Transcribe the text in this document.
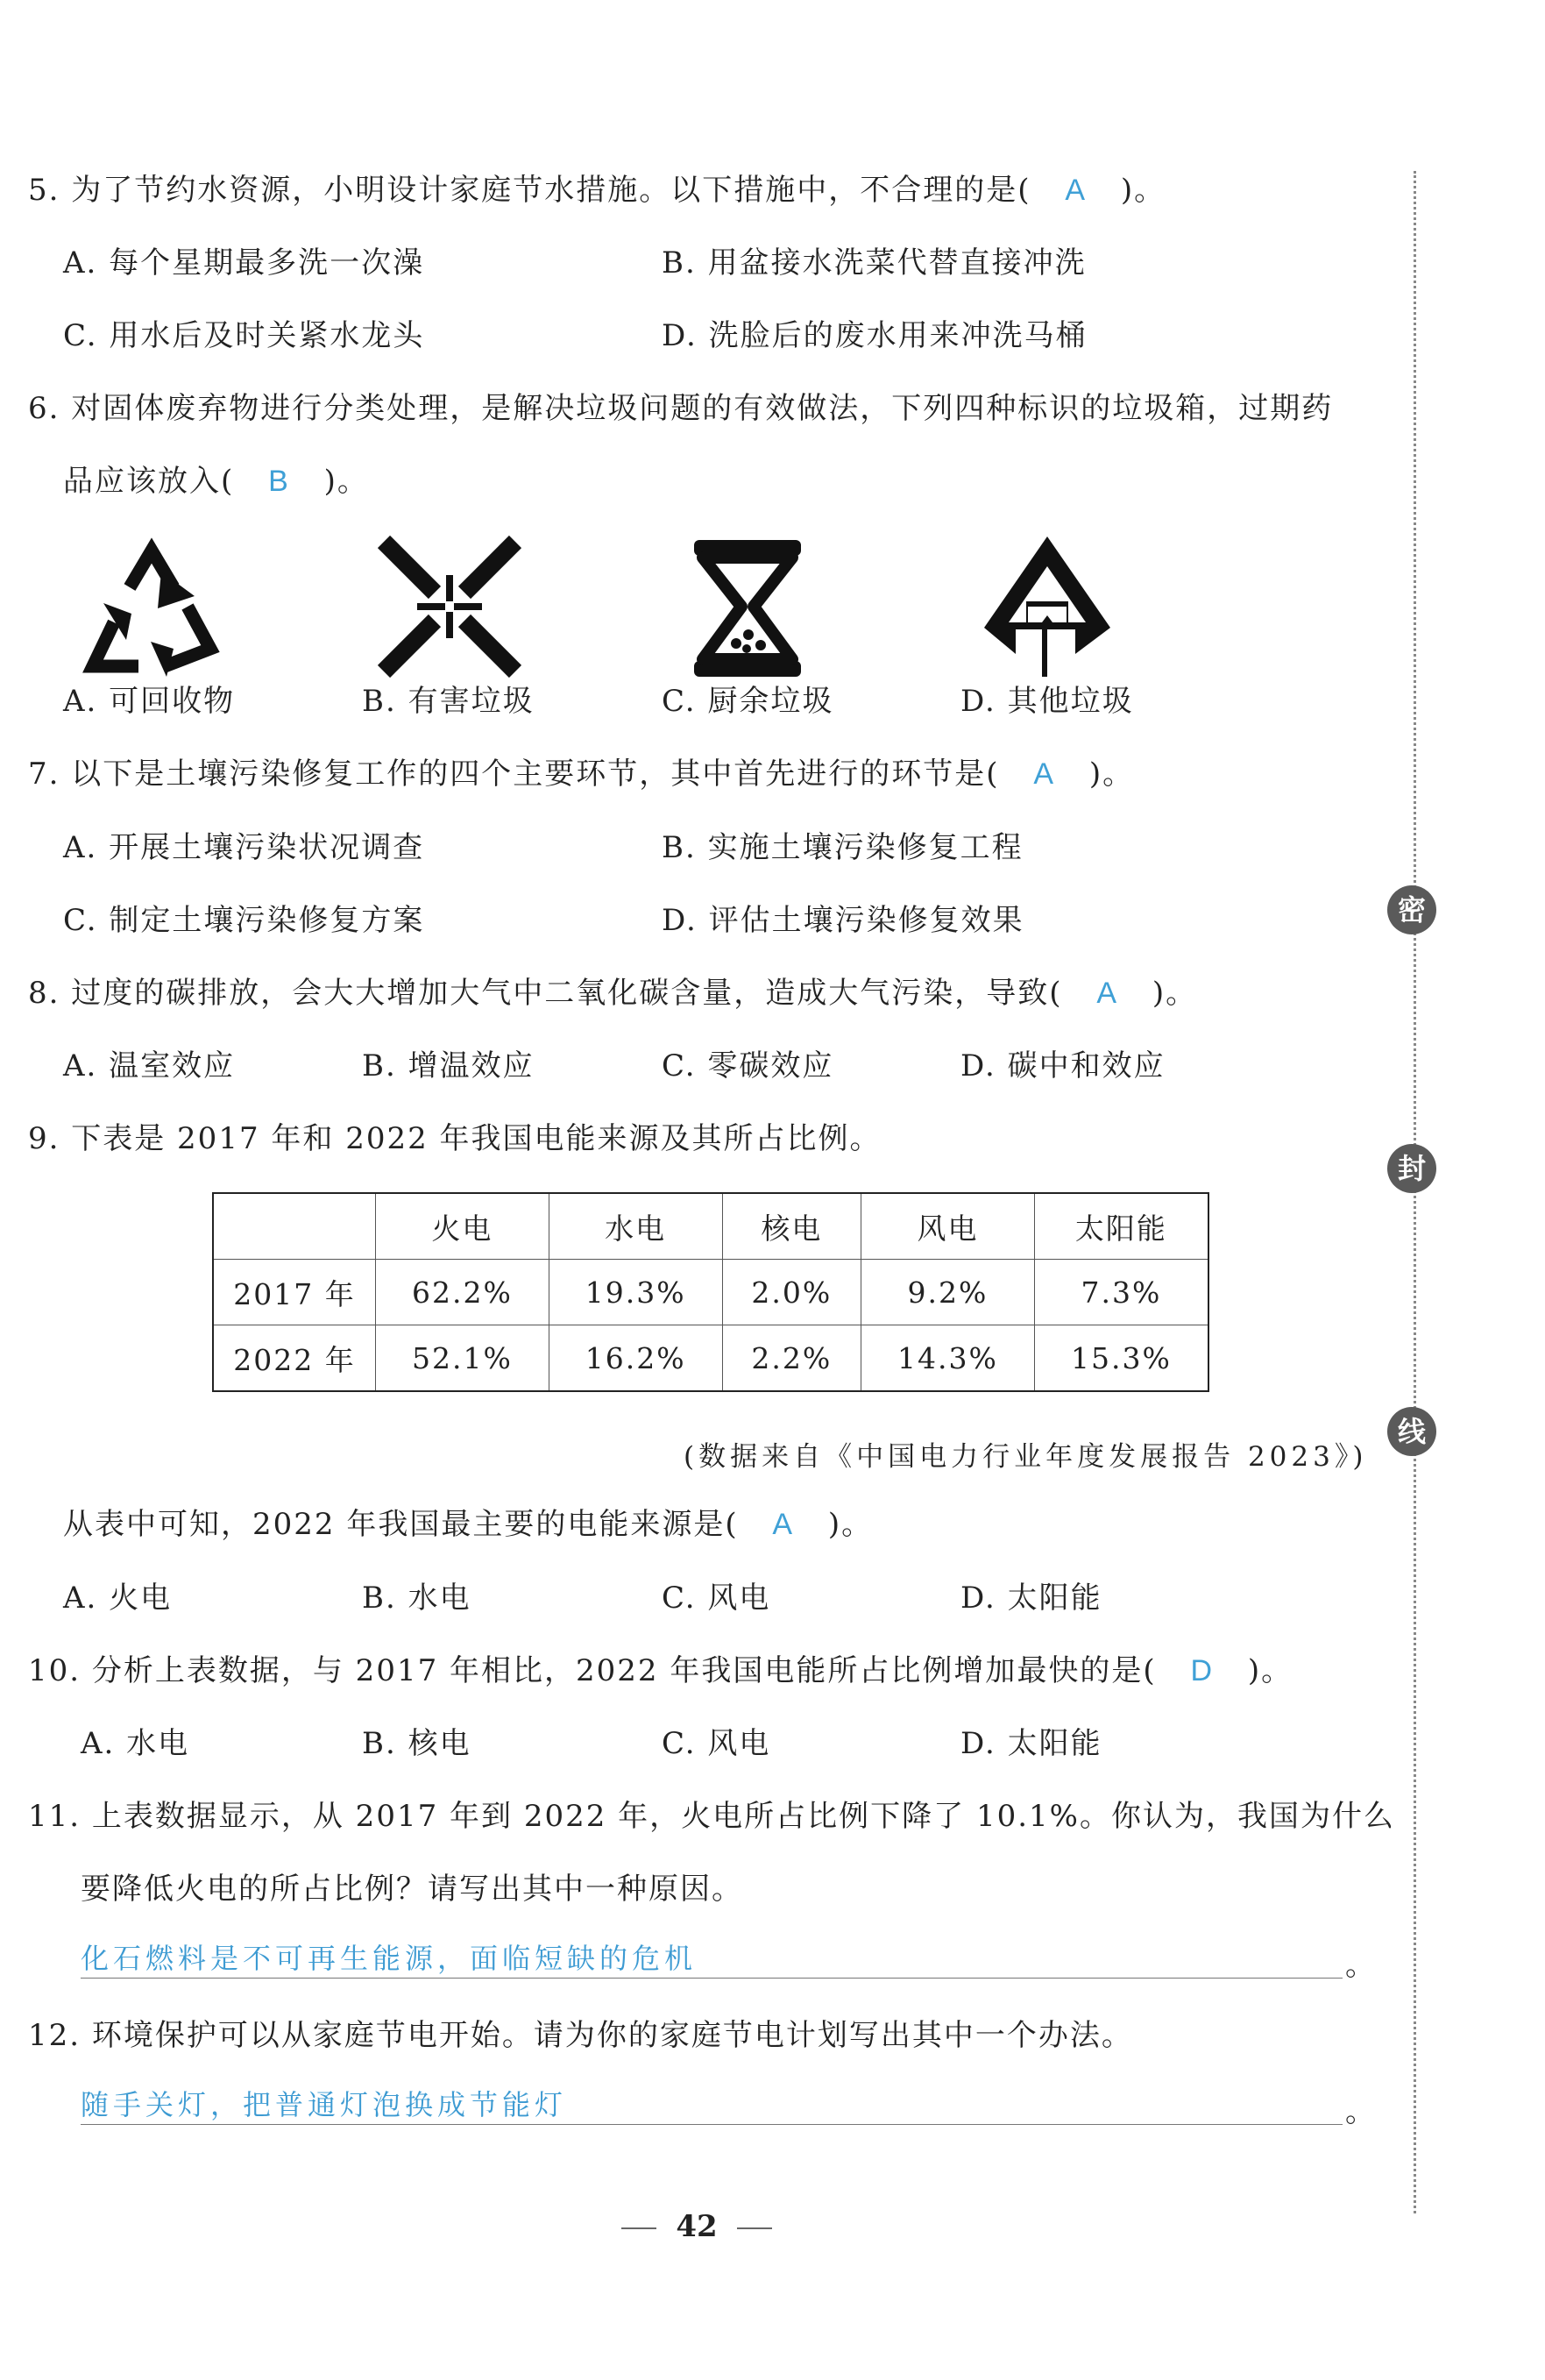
5. 为了节约水资源，小明设计家庭节水措施。以下措施中，不合理的是( A )。
A. 每个星期最多洗一次澡	B. 用盆接水洗菜代替直接冲洗
C. 用水后及时关紧水龙头	D. 洗脸后的废水用来冲洗马桶
6. 对固体废弃物进行分类处理，是解决垃圾问题的有效做法，下列四种标识的垃圾箱，过期药
品应该放入( B )。
A. 可回收物	B. 有害垃圾	C. 厨余垃圾	D. 其他垃圾
7. 以下是土壤污染修复工作的四个主要环节，其中首先进行的环节是( A )。
A. 开展土壤污染状况调查	B. 实施土壤污染修复工程
C. 制定土壤污染修复方案	D. 评估土壤污染修复效果
8. 过度的碳排放，会大大增加大气中二氧化碳含量，造成大气污染，导致( A )。
A. 温室效应	B. 增温效应	C. 零碳效应	D. 碳中和效应
9. 下表是 2017 年和 2022 年我国电能来源及其所占比例。
	火电	水电	核电	风电	太阳能
2017 年	62.2%	19.3%	2.0%	9.2%	7.3%
2022 年	52.1%	16.2%	2.2%	14.3%	15.3%
(数据来自《中国电力行业年度发展报告 2023》)
从表中可知，2022 年我国最主要的电能来源是( A )。
A. 火电	B. 水电	C. 风电	D. 太阳能
10. 分析上表数据，与 2017 年相比，2022 年我国电能所占比例增加最快的是( D )。
A. 水电	B. 核电	C. 风电	D. 太阳能
11. 上表数据显示，从 2017 年到 2022 年，火电所占比例下降了 10.1%。你认为，我国为什么
要降低火电的所占比例？请写出其中一种原因。
化石燃料是不可再生能源，面临短缺的危机	。
12. 环境保护可以从家庭节电开始。请为你的家庭节电计划写出其中一个办法。
随手关灯，把普通灯泡换成节能灯	。
密
封
线
42
